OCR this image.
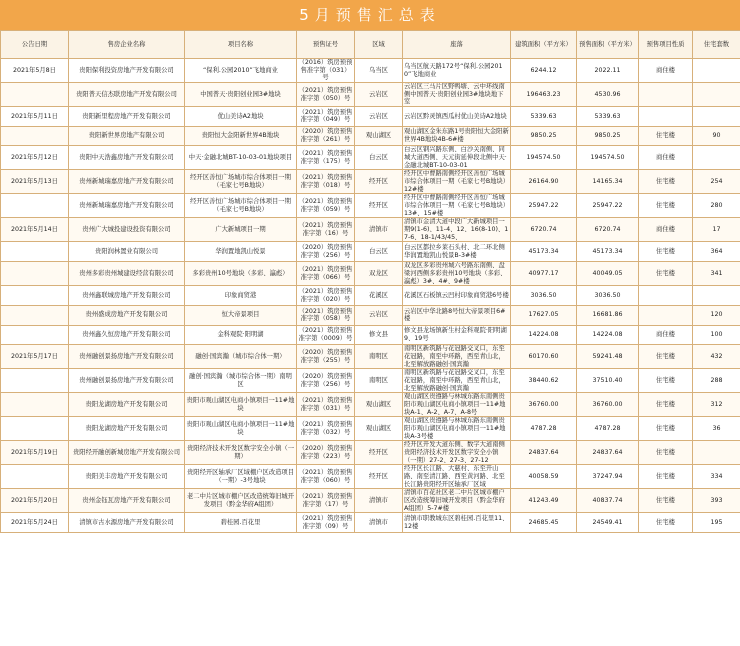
5月预售汇总表
公告日期	售房企业名称	项目名称	预售证号	区域	座落	建筑面积（平方米）	预售面积（平方米）	预售项目性质	住宅套数
2021年5月8日	贵阳保利投资房地产开发有限公司	“保利.公园2010”飞地商业	（2016）筑房预预售准字第（031）号	乌当区	乌当区航天路172号“保利.公园2010”飞地商业	6244.12	2022.11	商住楼	
	贵阳普天信杰联房地产开发有限公司	中国普天·贵阳创业园3#地块	（2021）筑房预售准字第（050）号	云岩区	云岩区三马片区野鸭塘、云中环线南侧中国普天·贵阳创业园3#地块地下室	196463.23	4530.96		
2021年5月11日	贵阳新里程房地产开发有限公司	优山美诗A2地块	（2021）筑房预售准字第（049）号	云岩区	云岩区黔灵镇西瓜村优山美诗A2地块	5339.63	5339.63		
	贵阳新世界房地产有限公司	贵阳恒大金阳新世界4B地块	（2020）筑房预售准字第（261）号	观山湖区	观山湖区金朱东路1号贵阳恒大金阳新世界4B地块4B-6#楼	9850.25	9850.25	住宅楼	90
2021年5月12日	贵阳中天浩鑫房地产开发有限公司	中天·金融北城BT-10-03-01地块项目	（2021）筑房预售准字第（175）号	白云区	白云区钢兴路东侧、白沙关南侧、同城大道西侧、天元街延伸段北侧中天·金融北城BT-10-03-01	194574.50	194574.50	商住楼	
2021年5月13日	贵州新城瑞嘉房地产开发有限公司	经开区善恒广场城市综合体项目一期（毛家七号B地块）	（2021）筑房预售准字第（018）号	经开区	经开区中曹路南侧经开区善恒广场城市综合体项目一期（毛家七号B地块）12#楼	26164.90	14165.34	住宅楼	254
	贵州新城瑞嘉房地产开发有限公司	经开区善恒广场城市综合体项目一期（毛家七号B地块）	（2021）筑房预售准字第（059）号	经开区	经开区中曹路南侧经开区善恒广场城市综合体项目一期（毛家七号B地块）13#、15#楼	25947.22	25947.22	住宅楼	280
2021年5月14日	贵州广大城投建设投资有限公司	广大新城项目一期	（2021）筑房预售准字第（16）号	清镇市	清镇市金清大道中段广大新城项目一期9(1-6)、11-4、12、16(8-10)、17-6、18-1/43/45、	6720.74	6720.74	商住楼	17
	贵阳润林置业有限公司	华润置地凯山悦景	（2020）筑房预售准字第（256）号	白云区	白云区都拉乡莱石头村、北二环北侧华润置地凯山悦景B-3#楼	45173.34	45173.34	住宅楼	364
	贵州多彩贵州城建设经营有限公司	多彩贵州10号地块（多彩、瀛彪）	（2021）筑房预售准字第（066）号	双龙区	双龙区多彩贵州城六号路东南侧、盘梁河西侧多彩贵州10号地块（多彩、瀛彪）3#、4#、9#楼	40977.17	40049.05	住宅楼	341
	贵州鑫联城房地产开发有限公司	印象商贸港	（2021）筑房预售准字第（020）号	花溪区	花溪区石板镇云凹村印象商贸港6号楼	3036.50	3036.50		
	贵州盛成房地产开发有限公司	恒大帝景项目	（2021）筑房预售准字第（058）号	云岩区	云岩区中华北路8号恒大帝景项目6#楼	17627.05	16681.86		120
	贵州鑫久恒房地产开发有限公司	金科观院·阳明湖	（2021）筑房预售准字第（0009）号	修文县	修文县龙场镇新生村金科观院·阳明湖9、19号	14224.08	14224.08	商住楼	100
2021年5月17日	贵州融创景扬房地产开发有限公司	融创·国宾瀚（城市综合体一期）	（2020）筑房预售准字第（255）号	南明区	南明区新筑路与花冠路交叉口，东至花冠路，南至中环路，西至青山北，北至解放路融创·国宾瀚	60170.60	59241.48	住宅楼	432
	贵州融创景扬房地产开发有限公司	融创·国宾瀚（城市综合体一期）南明区	（2020）筑房预售准字第（256）号	南明区	南明区新筑路与花冠路交叉口，东至花冠路，南至中环路，西至青山北，北至解放路融创·国宾瀚	38440.62	37510.40	住宅楼	288
	贵阳龙湖房地产开发有限公司	贵阳市观山湖区电商小镇项目一11#地块	（2021）筑房预售准字第（031）号	观山湖区	观山湖区贵遵路与林城东路东南侧贵阳市观山湖区电商小镇项目一11#地块A-1、A-2、A-7、A-8号	36760.00	36760.00	住宅楼	312
	贵阳龙湖房地产开发有限公司	贵阳市观山湖区电商小镇项目一11#地块	（2021）筑房预售准字第（032）号	观山湖区	观山湖区贵遵路与林城东路东南侧贵阳市观山湖区电商小镇项目一11#地块A-3号楼	4787.28	4787.28	住宅楼	36
2021年5月19日	贵阳经开融创新城房地产开发有限公司	贵阳经济技术开发区数字安全小镇（一期）	（2020）筑房预售准字第（223）号	经开区	经开区开发大道东侧、数字大道南侧贵阳经济技术开发区数字安全小镇（一期）27-2、27-3、27-12	24837.64	24837.64	住宅楼	
	贵阳美丰房地产开发有限公司	贵阳经开区轴承厂区域棚户区改造项目（一期）-3号地块	（2021）筑房预售准字第（060）号	经开区	经开区长江路、大慈村、东至开山路、南至清江路、西至黄河路、北至长江路贵阳经开区轴承厂区域	40058.59	37247.94	住宅楼	334
2021年5月20日	贵州金钰瓦房地产开发有限公司	老二中片区城市棚户区改造统筹旧城开发项目（黔金华府A组团）	（2021）筑房预售准字第（17）号	清镇市	清镇市百花社区老二中片区城市棚户区改造统筹旧城开发项目（黔金华府A组团）5-7#楼	41243.49	40837.74	住宅楼	393
2021年5月24日	清镇市古水源房地产开发有限公司	碧桂园.百花里	（2021）筑房预售准字第（09）号	清镇市	清镇市职教城东区碧桂园.百花里11、12楼	24685.45	24549.41	住宅楼	195
